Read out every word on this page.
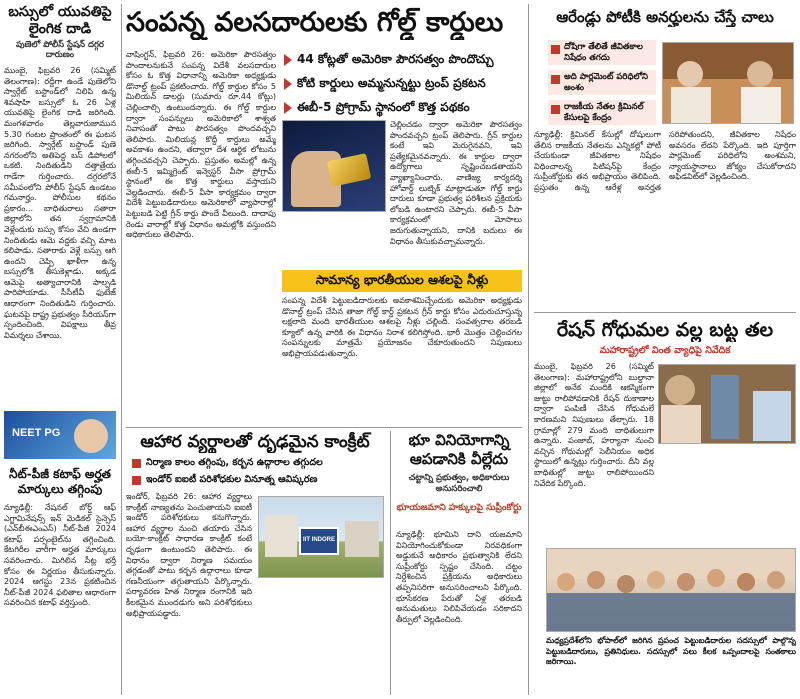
బస్సులో యువతిపై లైంగిక దాడి
పుణెలో పోలీస్ స్టేషన్ దగ్గర దారుణం
ముంబై, ఫిబ్రవరి 26 (సమ్మిట్ తెలంగాణ): రద్దీగా ఉండే పుణెలోని స్వార్గేట్ బస్టాండ్‌లో నిలిపి ఉన్న శివషాహి బస్సులో ఓ 26 ఏళ్ల యువతిపై లైంగిక దాడి జరిగింది. మంగళవారం తెల్లవారుజామున 5.30 గంటల ప్రాంతంలో ఈ ఘటన జరిగింది. స్వార్గేట్ బస్టాండ్ పుణె నగరంలోని అతిపెద్ద బస్ డిపోలలో ఒకటి. నిందితుడిని దత్తాత్రేయ గాడేగా గుర్తించారు. దగ్గరలోనే సమీపంలోని పోలీస్ స్టేషన్ ఉండటం గమనార్హం. పోలీసుల కథనం ప్రకారం... బాధితురాలు సతారా జిల్లాలోని తన స్వగ్రామానికి వెళ్లేందుకు బస్సు కోసం వేచి ఉండగా నిందితుడు ఆమె వద్దకు వచ్చి మాట కలిపాడు. సతారాకు వెళ్లే బస్సు ఆగి ఉందని చెప్పి ఖాళీగా ఉన్న బస్సులోకి తీసుకెళ్లాడు. అక్కడ ఆమెపై అత్యాచారానికి పాల్పడి పారిపోయాడు. సీసీటీవీ ఫుటేజ్ ఆధారంగా నిందితుడిని గుర్తించారు. ఘటనపై రాష్ట్ర ప్రభుత్వం సీరియస్‌గా స్పందించింది. విపక్షాలు తీవ్ర విమర్శలు చేశాయి.
NEET PG
నీట్-పీజీ కటాఫ్ అర్హత మార్కులు తగ్గింపు
న్యూఢిల్లీ: నేషనల్ బోర్డ్ ఆఫ్ ఎగ్జామినేషన్స్ ఇన్ మెడికల్ సైన్సెస్ (ఎన్‌బీఈఎంఎస్) నీట్-పీజీ 2024 కటాఫ్ పర్సంటైల్‌ను తగ్గించింది. కేటగిరీల వారీగా అర్హత మార్కులు సవరించారు. మిగిలిన సీట్ల భర్తీ కోసం ఈ నిర్ణయం తీసుకున్నారు. 2024 ఆగస్టు 23న ప్రకటించిన నీట్-పీజీ 2024 ఫలితాల ఆధారంగా సవరించిన కటాఫ్ వర్తిస్తుంది.
సంపన్న వలసదారులకు గోల్డ్ కార్డులు
44 కోట్లతో అమెరికా పౌరసత్వం పొందొచ్చు
కోటి కార్డులు అమ్మనున్నట్టు ట్రంప్ ప్రకటన
ఈబీ-5 ప్రోగ్రామ్ స్థానంలో కొత్త పథకం
వాషింగ్టన్, ఫిబ్రవరి 26: అమెరికా పౌరసత్వం పొందాలనుకునే సంపన్న విదేశీ వలసదారుల కోసం ఓ కొత్త విధానాన్ని అమెరికా అధ్యక్షుడు డొనాల్డ్ ట్రంప్ ప్రకటించారు. గోల్డ్ కార్డుల కోసం 5 మిలియన్ డాలర్లు (సుమారు రూ.44 కోట్లు) చెల్లించాల్సి ఉంటుందన్నారు. ఈ గోల్డ్ కార్డుల ద్వారా సంపన్నులు అమెరికాలో శాశ్వత నివాసంతో పాటు పౌరసత్వం పొందవచ్చని తెలిపారు. మిలియన్ల కొద్దీ కార్డులు అమ్మే అవకాశం ఉందని, తద్వారా దేశ ఆర్థిక లోటును తగ్గించవచ్చని చెప్పారు. ప్రస్తుతం అమల్లో ఉన్న ఈబీ-5 ఇమ్మిగ్రెంట్ ఇన్వెస్టర్ వీసా ప్రోగ్రామ్ స్థానంలో ఈ కొత్త కార్డులు వస్తాయని వెల్లడించారు. ఈబీ-5 వీసా కార్యక్రమం ద్వారా విదేశీ పెట్టుబడిదారులు అమెరికాలో వ్యాపారాల్లో పెట్టుబడి పెట్టి గ్రీన్ కార్డు పొందే వీలుంది. దాదాపు రెండు వారాల్లో కొత్త విధానం అమల్లోకి వస్తుందని అధికారులు తెలిపారు.
చెల్లించడం ద్వారా అమెరికా పౌరసత్వం పొందవచ్చని ట్రంప్ తెలిపారు. గ్రీన్ కార్డుల కంటే ఇవి మెరుగైనవని, ఇవి ప్రత్యేకమైనవన్నారు. ఈ కార్డుల ద్వారా ఉద్యోగాలు సృష్టించబడతాయని వ్యాఖ్యానించారు. వాణిజ్య కార్యదర్శి హోవార్డ్ లుట్నిక్ మాట్లాడుతూ గోల్డ్ కార్డు దారులు కూడా ప్రభుత్వ పరిశీలన ప్రక్రియకు లోబడి ఉంటారని చెప్పారు. ఈబీ-5 వీసా కార్యక్రమంలో మోసాలు జరుగుతున్నాయని, దానికి బదులు ఈ విధానం తీసుకువచ్చామన్నారు.
సామాన్య భారతీయుల ఆశలపై నీళ్లు
సంపన్న విదేశీ పెట్టుబడిదారులకు అవకాశమిచ్చేందుకు అమెరికా అధ్యక్షుడు డొనాల్డ్ ట్రంప్ చేసిన తాజా గోల్డ్ కార్డ్ ప్రకటన గ్రీన్ కార్డు కోసం ఎదురుచూస్తున్న లక్షలాది మంది భారతీయుల ఆశలపై నీళ్లు చల్లింది. సంవత్సరాల తరబడి క్యూలో ఉన్న వారికి ఈ విధానం నిరాశ కలిగిస్తోంది. భారీ మొత్తం చెల్లించగల సంపన్నులకు మాత్రమే ప్రయోజనం చేకూరుతుందని నిపుణులు అభిప్రాయపడుతున్నారు.
ఆహార వ్యర్థాలతో దృఢమైన కాంక్రీట్
నిర్మాణ కాలం తగ్గింపు, కర్బన ఉద్గారాల తగ్గుదల
ఇండోర్ ఐఐటీ పరిశోధకుల వినూత్న ఆవిష్కరణ
ఇండోర్, ఫిబ్రవరి 26: ఆహార వ్యర్థాలు కాంక్రీట్ నాణ్యతను పెంచుతాయని ఐఐటీ ఇండోర్ పరిశోధకులు కనుగొన్నారు. ఆహార వ్యర్థాల నుంచి తయారు చేసిన బయో-కాంక్రీట్ సాధారణ కాంక్రీట్ కంటే దృఢంగా ఉంటుందని తెలిపారు. ఈ విధానం ద్వారా నిర్మాణ సమయం తగ్గడంతో పాటు కర్బన ఉద్గారాలు కూడా గణనీయంగా తగ్గుతాయని పేర్కొన్నారు. పర్యావరణ హిత నిర్మాణ రంగానికి ఇది కీలకమైన ముందడుగు అని పరిశోధకులు అభిప్రాయపడ్డారు.
IIT INDORE
భూ వినియోగాన్ని ఆపడానికి వీల్లేదు
చట్టాన్ని ప్రభుత్వం, అధికారులు అనుసరించాలి
భూయజమాని హక్కులపై సుప్రీంకోర్టు
న్యూఢిల్లీ: భూమిని దాని యజమాని వినియోగించుకోకుండా నిరవధికంగా అడ్డుకునే అధికారం ప్రభుత్వానికి లేదని సుప్రీంకోర్టు స్పష్టం చేసింది. చట్టం నిర్దేశించిన ప్రక్రియను అధికారులు తప్పనిసరిగా అనుసరించాలని పేర్కొంది. భూసేకరణ పేరుతో ఏళ్ల తరబడి అనుమతులు నిలిపివేయడం సరికాదని తీర్పులో వెల్లడించింది.
ఆరేండ్లు పోటీకి అనర్హులను చేస్తే చాలు
దోషిగా తేలితే జీవితకాల నిషేధం తగదు
అది పార్లమెంట్ పరిధిలోని అంశం
రాజకీయ నేతల క్రిమినల్ కేసులపై కేంద్రం
న్యూఢిల్లీ: క్రిమినల్ కేసుల్లో దోషులుగా తేలిన రాజకీయ నేతలను ఎన్నికల్లో పోటీ చేయకుండా జీవితకాల నిషేధం విధించాలన్న పిటిషన్‌పై కేంద్రం సుప్రీంకోర్టుకు తన అభిప్రాయం తెలిపింది. ప్రస్తుతం ఉన్న ఆరేళ్ల అనర్హత సరిపోతుందని, జీవితకాల నిషేధం అవసరం లేదని పేర్కొంది. ఇది పూర్తిగా పార్లమెంట్ పరిధిలోని అంశమని, న్యాయస్థానాలు జోక్యం చేసుకోరాదని అఫిడవిట్‌లో వెల్లడించింది.
రేషన్ గోధుమల వల్ల బట్ట తల
మహారాష్ట్రలో వింత వ్యాధిపై నివేదిక
ముంబై, ఫిబ్రవరి 26 (సమ్మిట్ తెలంగాణ): మహారాష్ట్రలోని బుల్దానా జిల్లాలో అనేక మందికి ఆకస్మికంగా జుట్టు రాలిపోవడానికి రేషన్ దుకాణాల ద్వారా పంపిణీ చేసిన గోధుమలే కారణమని నిపుణులు తేల్చారు. 18 గ్రామాల్లో 279 మంది బాధితులుగా ఉన్నారు. పంజాబ్, హర్యానా నుంచి వచ్చిన గోధుమల్లో సెలీనియం అధిక స్థాయిలో ఉన్నట్లు గుర్తించారు. దీని వల్ల బాధితుల్లో జుట్టు రాలిపోయిందని నివేదిక పేర్కొంది.
మధ్యప్రదేశ్‌లోని భోపాల్‌లో జరిగిన ప్రపంచ పెట్టుబడిదారుల సదస్సులో పాల్గొన్న పెట్టుబడిదారులు, ప్రతినిధులు. సదస్సులో పలు కీలక ఒప్పందాలపై సంతకాలు జరిగాయి.
